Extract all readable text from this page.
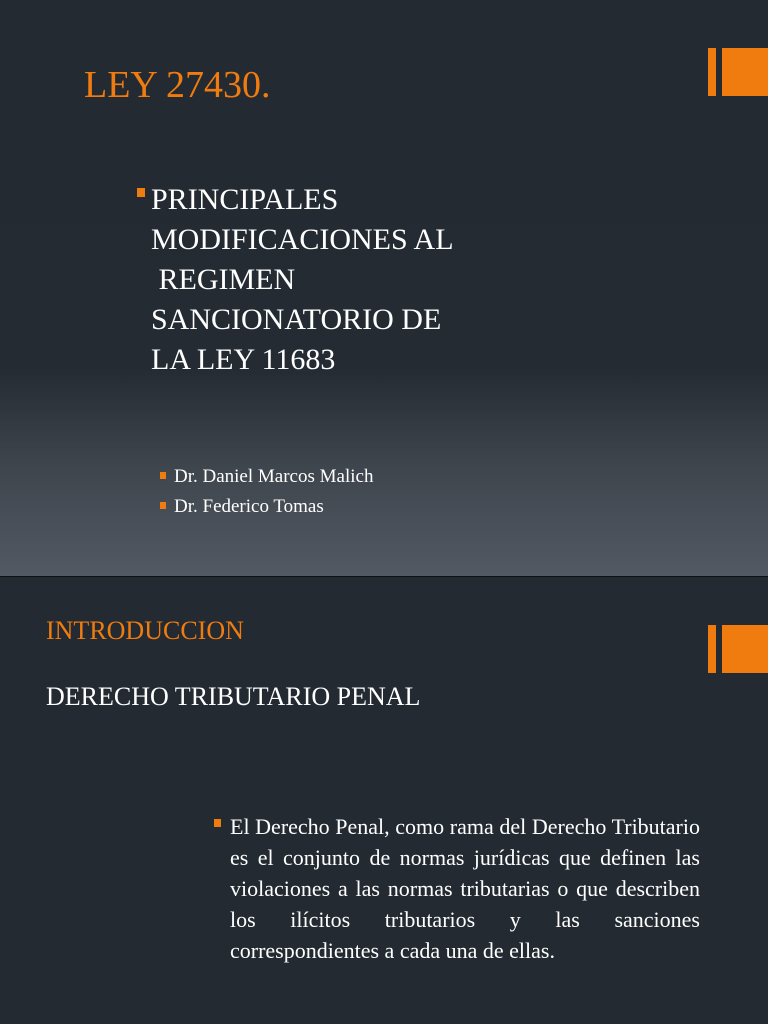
LEY 27430.
PRINCIPALES
MODIFICACIONES AL
REGIMEN
SANCIONATORIO DE
LA LEY 11683
Dr. Daniel Marcos Malich
Dr. Federico Tomas
INTRODUCCION
DERECHO TRIBUTARIO PENAL
El Derecho Penal, como rama del Derecho Tributario es el conjunto de normas jurídicas que definen las violaciones a las normas tributarias o que describen los ilícitos tributarios y las sanciones correspondientes a cada una de ellas.
